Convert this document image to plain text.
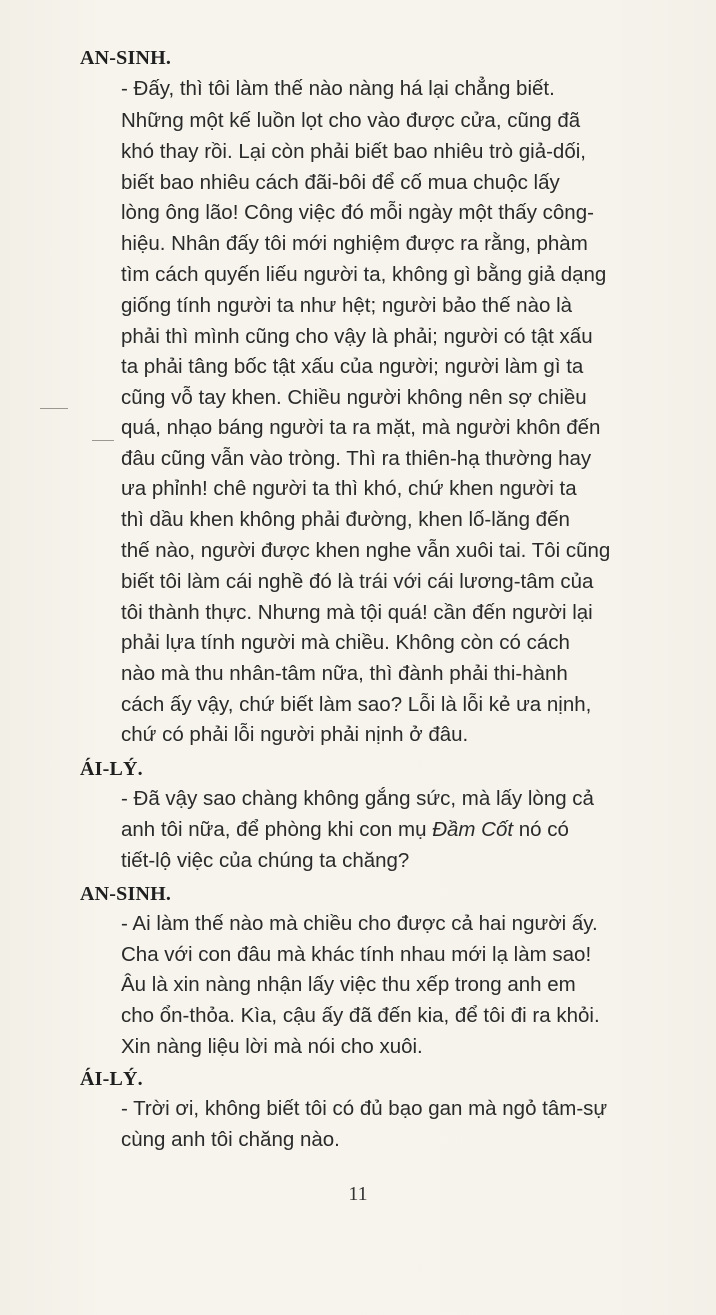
AN-SINH.
- Đấy, thì tôi làm thế nào nàng há lại chẳng biết.
Những một kế luồn lọt cho vào được cửa, cũng đã
khó thay rồi. Lại còn phải biết bao nhiêu trò giả-dối,
biết bao nhiêu cách đãi-bôi để cố mua chuộc lấy
lòng ông lão! Công việc đó mỗi ngày một thấy công-
hiệu. Nhân đấy tôi mới nghiệm được ra rằng, phàm
tìm cách quyến liếu người ta, không gì bằng giả dạng
giống tính người ta như hệt; người bảo thế nào là
phải thì mình cũng cho vậy là phải; người có tật xấu
ta phải tâng bốc tật xấu của người; người làm gì ta
cũng vỗ tay khen. Chiều người không nên sợ chiều
quá, nhạo báng người ta ra mặt, mà người khôn đến
đâu cũng vẫn vào tròng. Thì ra thiên-hạ thường hay
ưa phỉnh! chê người ta thì khó, chứ khen người ta
thì dầu khen không phải đường, khen lố-lăng đến
thế nào, người được khen nghe vẫn xuôi tai. Tôi cũng
biết tôi làm cái nghề đó là trái với cái lương-tâm của
tôi thành thực. Nhưng mà tội quá! cần đến người lại
phải lựa tính người mà chiều. Không còn có cách
nào mà thu nhân-tâm nữa, thì đành phải thi-hành
cách ấy vậy, chứ biết làm sao? Lỗi là lỗi kẻ ưa nịnh,
chứ có phải lỗi người phải nịnh ở đâu.
ÁI-LÝ.
- Đã vậy sao chàng không gắng sức, mà lấy lòng cả
anh tôi nữa, để phòng khi con mụ Đầm Cốt nó có
tiết-lộ việc của chúng ta chăng?
AN-SINH.
- Ai làm thế nào mà chiều cho được cả hai người ấy.
Cha với con đâu mà khác tính nhau mới lạ làm sao!
Âu là xin nàng nhận lấy việc thu xếp trong anh em
cho ổn-thỏa. Kìa, cậu ấy đã đến kia, để tôi đi ra khỏi.
Xin nàng liệu lời mà nói cho xuôi.
ÁI-LÝ.
- Trời ơi, không biết tôi có đủ bạo gan mà ngỏ tâm-sự
cùng anh tôi chăng nào.
11
